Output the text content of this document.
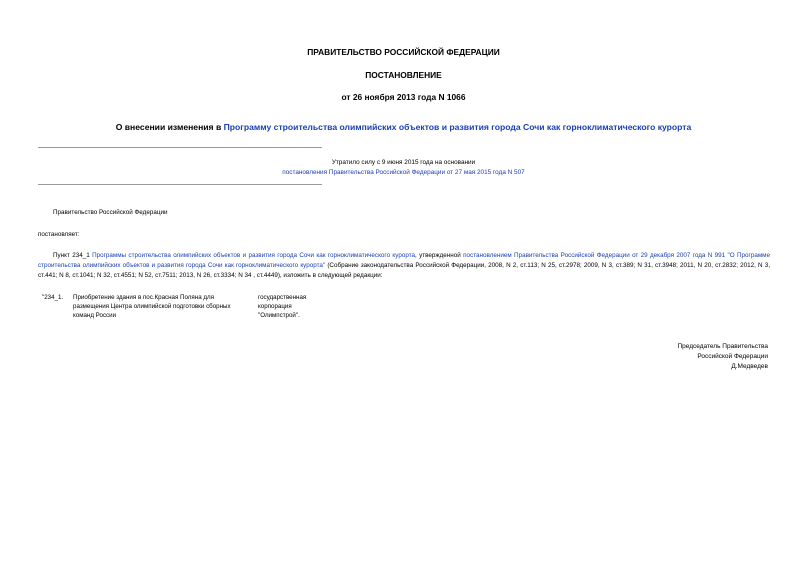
ПРАВИТЕЛЬСТВО РОССИЙСКОЙ ФЕДЕРАЦИИ
ПОСТАНОВЛЕНИЕ
от 26 ноября 2013 года N 1066
О внесении изменения в Программу строительства олимпийских объектов и развития города Сочи как горноклиматического курорта
Утратило силу с 9 июня 2015 года на основании
постановления Правительства Российской Федерации от 27 мая 2015 года N 507
Правительство Российской Федерации
постановляет:
Пункт 234_1 Программы строительства олимпийских объектов и развития города Сочи как горноклиматического курорта, утвержденной постановлением Правительства Российской Федерации от 29 декабря 2007 года N 991 "О Программе строительства олимпийских объектов и развития города Сочи как горноклиматического курорта" (Собрание законодательства Российской Федерации, 2008, N 2, ст.113; N 25, ст.2978; 2009, N 3, ст.389; N 31, ст.3948; 2011, N 20, ст.2832; 2012, N 3, ст.441; N 8, ст.1041; N 32, ст.4551; N 52, ст.7511; 2013, N 26, ст.3334; N 34 , ст.4449), изложить в следующей редакции:
"234_1. Приобретение здания в пос.Красная Поляна для размещения Центра олимпийской подготовки сборных команд России
государственная корпорация "Олимпстрой".
Председатель Правительства
Российской Федерации
Д.Медведев
